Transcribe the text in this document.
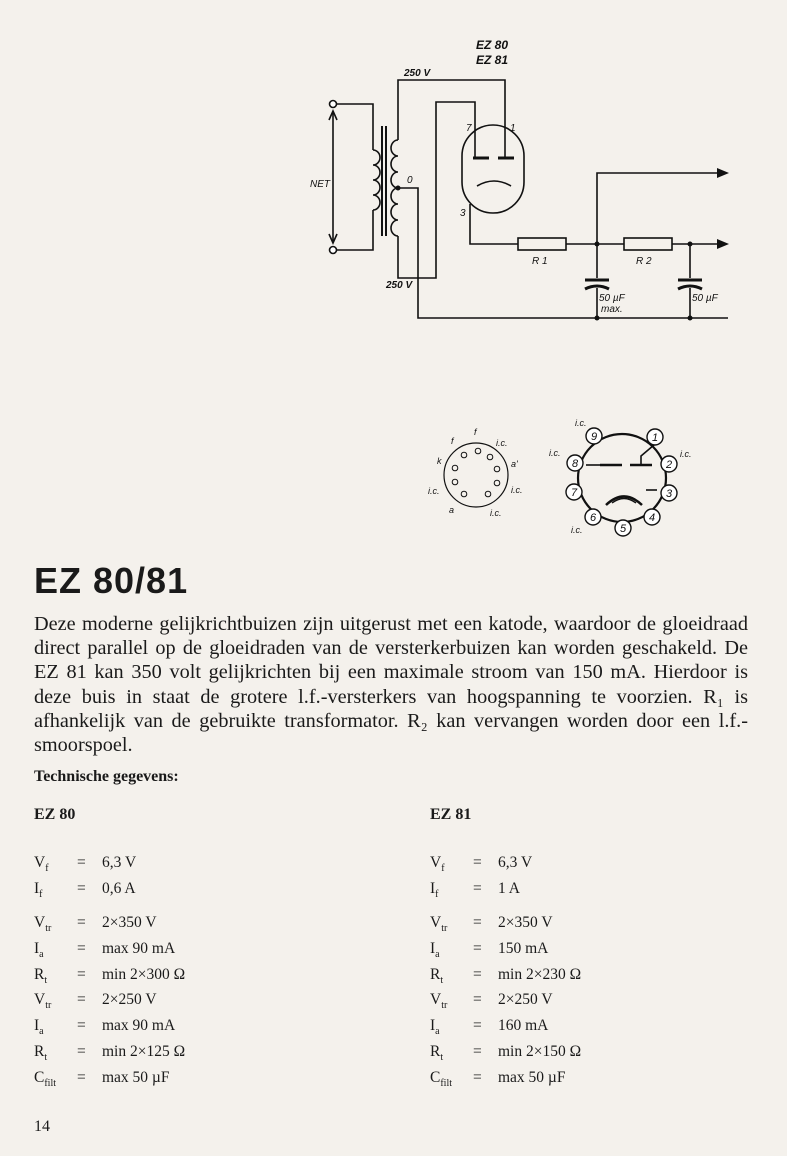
EZ 80
EZ 81
250 V
250 V
NET	0
7	1
3
R 1	R 2
50 µF
max.
50 µF
f
f
i.c.
k	a'
i.c.	i.c.
a	i.c.
1
2
3
4
5
6
7
8
9
i.c.
i.c.	i.c.
i.c.
EZ 80/81

Deze moderne gelijkrichtbuizen zijn uitgerust met een katode, waardoor de gloeidraad direct parallel op de gloeidraden van de versterkerbuizen kan worden geschakeld. De EZ 81 kan 350 volt gelijkrichten bij een maximale stroom van 150 mA. Hierdoor is deze buis in staat de grotere l.f.-versterkers van hoogspanning te voorzien. R₁ is afhankelijk van de gebruikte transformator. R₂ kan vervangen worden door een l.f.-smoorspoel.

Technische gegevens:
EZ 80
$V_f$	=	6,3 V
$I_f$	=	0,6 A
$V_{tr}$	=	2×350 V
$I_a$	=	max 90 mA
$R_t$	=	min 2×300 Ω
$V_{tr}$	=	2×250 V
$I_a$	=	max 90 mA
$R_t$	=	min 2×125 Ω
$C_{filt}$	=	max 50 µF
EZ 81
$V_f$	=	6,3 V
$I_f$	=	1 A
$V_{tr}$	=	2×350 V
$I_a$	=	150 mA
$R_t$	=	min 2×230 Ω
$V_{tr}$	=	2×250 V
$I_a$	=	160 mA
$R_t$	=	min 2×150 Ω
$C_{filt}$	=	max 50 µF
14
